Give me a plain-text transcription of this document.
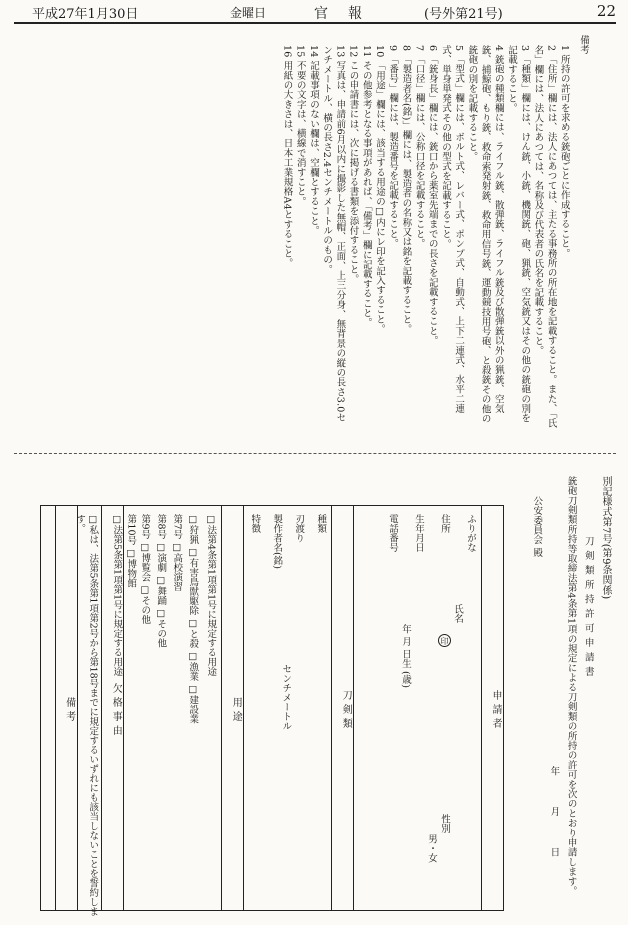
平成27年1月30日	金曜日	官報	(号外第21号)	22

備考

1 所持の許可を求める銃砲ごとに作成すること。

2 「住所」欄には、法人にあつては、主たる事務所の所在地を記載すること。また、「氏名」欄には、法人にあつては、名称及び代表者の氏名を記載すること。

3 「種類」欄には、けん銃、小銃、機関銃、砲、猟銃、空気銃又はその他の銃砲の別を記載すること。

4 銃砲の種類欄には、ライフル銃、散弾銃、ライフル銃及び散弾銃以外の猟銃、空気銃、捕鯨砲、もり銃、救命索発射銃、救命用信号銃、運動競技用号砲、と殺銃その他の銃砲の別を記載すること。

5 「型式」欄には、ボルト式、レバー式、ポンプ式、自動式、上下二連式、水平二連式、単身単発式その他の型式を記載すること。

6 「銃身長」欄には、銃口から薬室先端までの長さを記載すること。

7 「口径」欄には、公称口径を記載すること。

8 「製造者名(銘)」欄には、製造者の名称又は銘を記載すること。

9 「番号」欄には、製造番号を記載すること。

10 「用途」欄には、該当する用途の□内にレ印を記入すること。

11 その他参考となる事項があれば、「備考」欄に記載すること。

12 この申請書には、次に掲げる書類を添付すること。

13 写真は、申請前6月以内に撮影した無帽、正面、上三分身、無背景の縦の長さ3.0センチメートル、横の長さ2.4センチメートルのもの。

14 記載事項のない欄は、空欄とすること。

15 不要の文字は、横線で消すこと。

16 用紙の大きさは、日本工業規格A4とすること。

別記様式第7号(第9条関係)

刀剣類所持許可申請書

銃砲刀剣類所持等取締法第4条第1項の規定による刀剣類の所持の許可を次のとおり申請します。

年 月 日

公安委員会 殿

申請者
ふりがな
氏名
印
住所
生年月日
年 月 日生 (歳)
電話番号
性別
男・女
刀剣類
種類
刃渡り
センチメートル
製作者名(銘)
特徴
用途
□法第4条第1項第1号に規定する用途
□狩猟 □有害鳥獣駆除 □と殺 □漁業 □建設業
第7号 □高校演習
第8号 □演劇 □舞踊 □その他
第9号 □博覧会 □その他
第10号 □博物館
□法第5条第1項第1号に規定する用途
欠格事由
□私は、法第5条第1項第2号から第18号までに規定するいずれにも該当しないことを誓約します。
備考
